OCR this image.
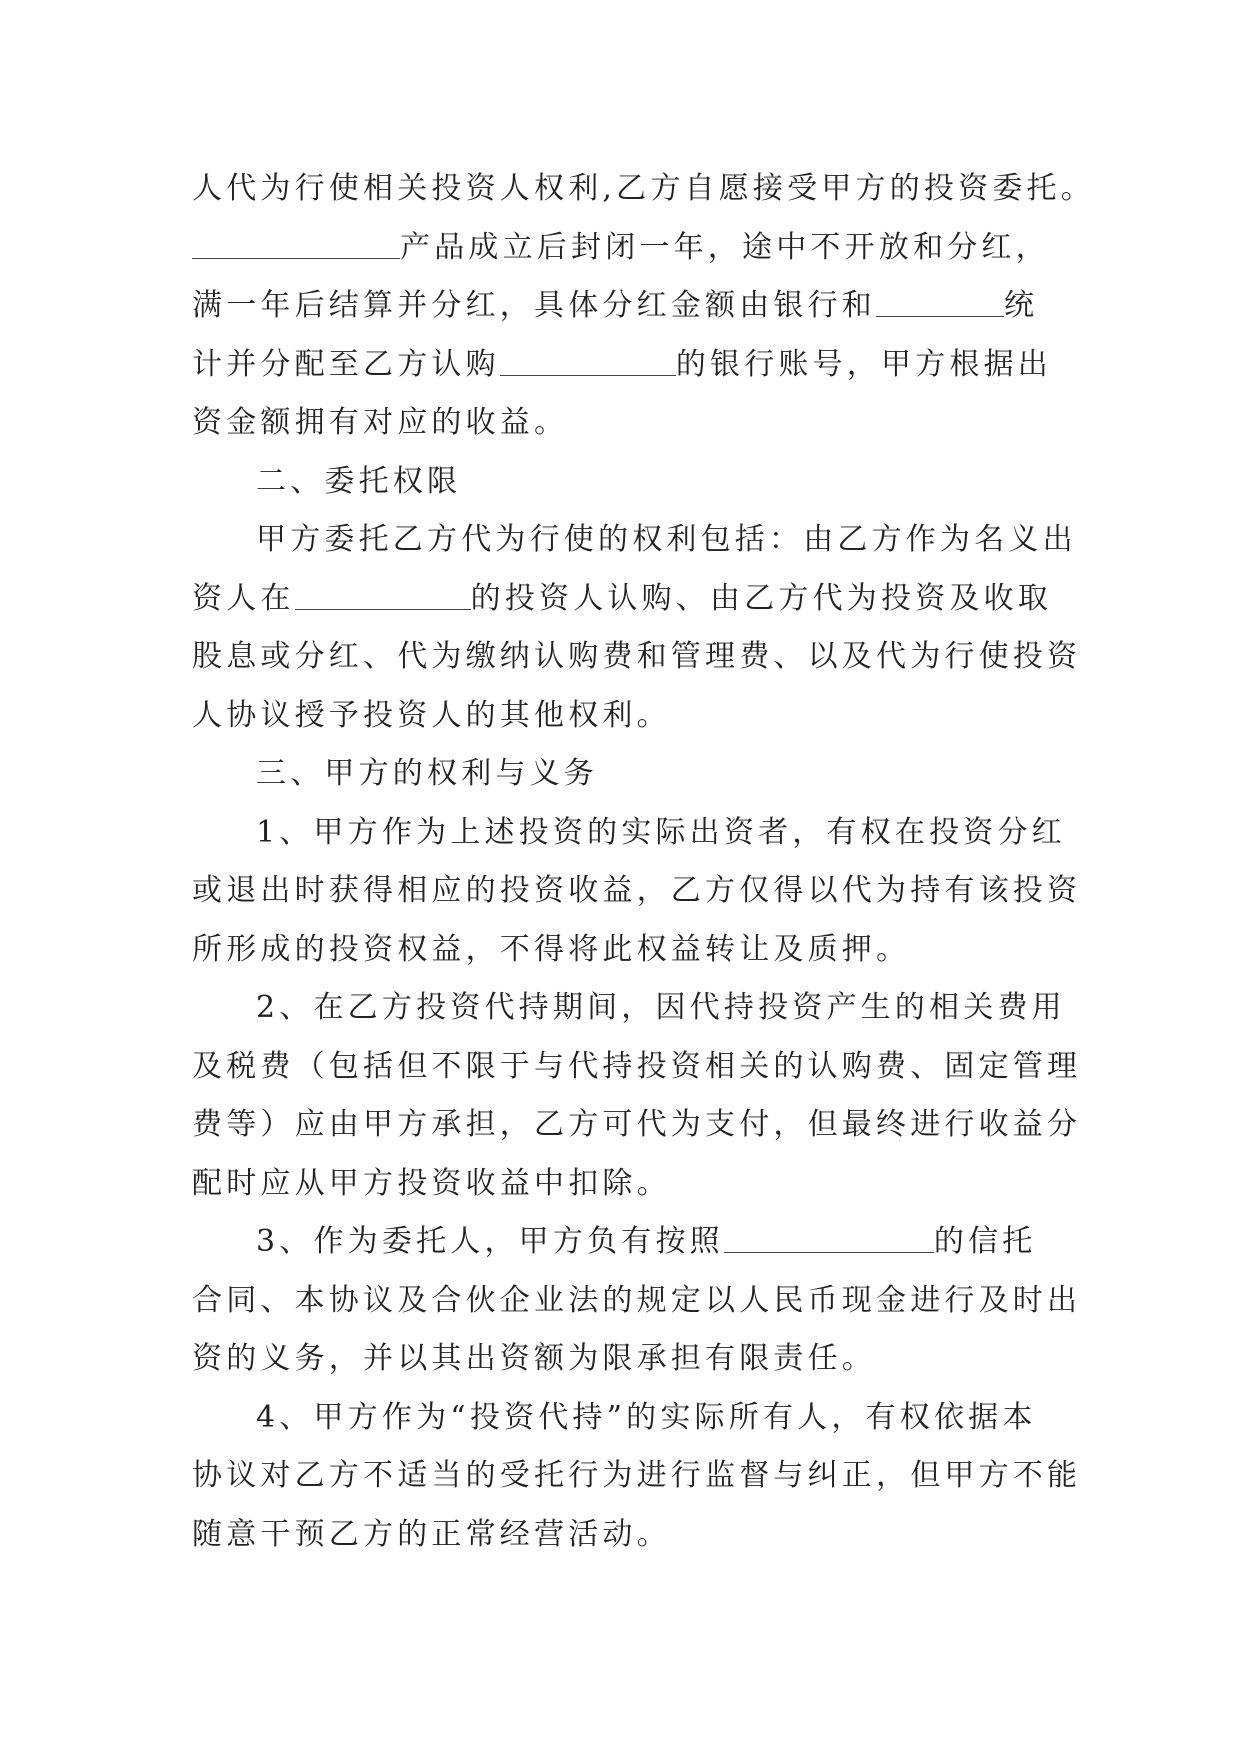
人代为行使相关投资人权利,乙方自愿接受甲方的投资委托。
产品成立后封闭一年，途中不开放和分红，
满一年后结算并分红，具体分红金额由银行和	统
计并分配至乙方认购	的银行账号，甲方根据出
资金额拥有对应的收益。
二、委托权限
甲方委托乙方代为行使的权利包括：由乙方作为名义出
资人在	的投资人认购、由乙方代为投资及收取
股息或分红、代为缴纳认购费和管理费、以及代为行使投资
人协议授予投资人的其他权利。
三、甲方的权利与义务
1、甲方作为上述投资的实际出资者，有权在投资分红
或退出时获得相应的投资收益，乙方仅得以代为持有该投资
所形成的投资权益，不得将此权益转让及质押。
2、在乙方投资代持期间，因代持投资产生的相关费用
及税费（包括但不限于与代持投资相关的认购费、固定管理
费等）应由甲方承担，乙方可代为支付，但最终进行收益分
配时应从甲方投资收益中扣除。
3、作为委托人，甲方负有按照	的信托
合同、本协议及合伙企业法的规定以人民币现金进行及时出
资的义务，并以其出资额为限承担有限责任。
4、甲方作为“投资代持”的实际所有人，有权依据本
协议对乙方不适当的受托行为进行监督与纠正，但甲方不能
随意干预乙方的正常经营活动。
